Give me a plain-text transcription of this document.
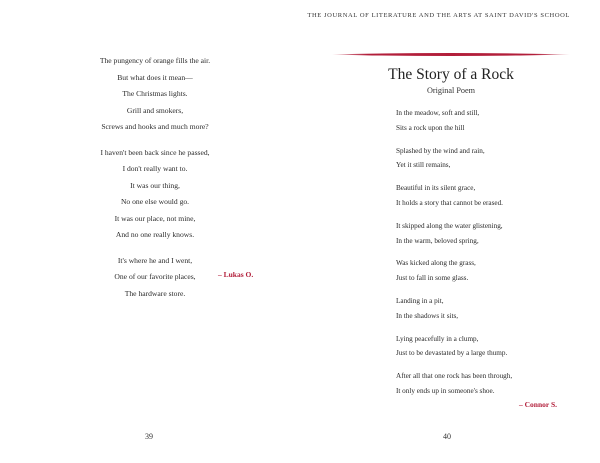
THE JOURNAL OF LITERATURE AND THE ARTS AT SAINT DAVID'S SCHOOL
The pungency of orange fills the air.
But what does it mean—
The Christmas lights.
Grill and smokers,
Screws and hooks and much more?
I haven't been back since he passed,
I don't really want to.
It was our thing,
No one else would go.
It was our place, not mine,
And no one really knows.
It's where he and I went,
One of our favorite places,
The hardware store.
– Lukas O.
The Story of a Rock
Original Poem
In the meadow, soft and still,
Sits a rock upon the hill
Splashed by the wind and rain,
Yet it still remains,
Beautiful in its silent grace,
It holds a story that cannot be erased.
It skipped along the water glistening,
In the warm, beloved spring,
Was kicked along the grass,
Just to fall in some glass.
Landing in a pit,
In the shadows it sits,
Lying peacefully in a clump,
Just to be devastated by a large thump.
After all that one rock has been through,
It only ends up in someone's shoe.
– Connor S.
39	40
